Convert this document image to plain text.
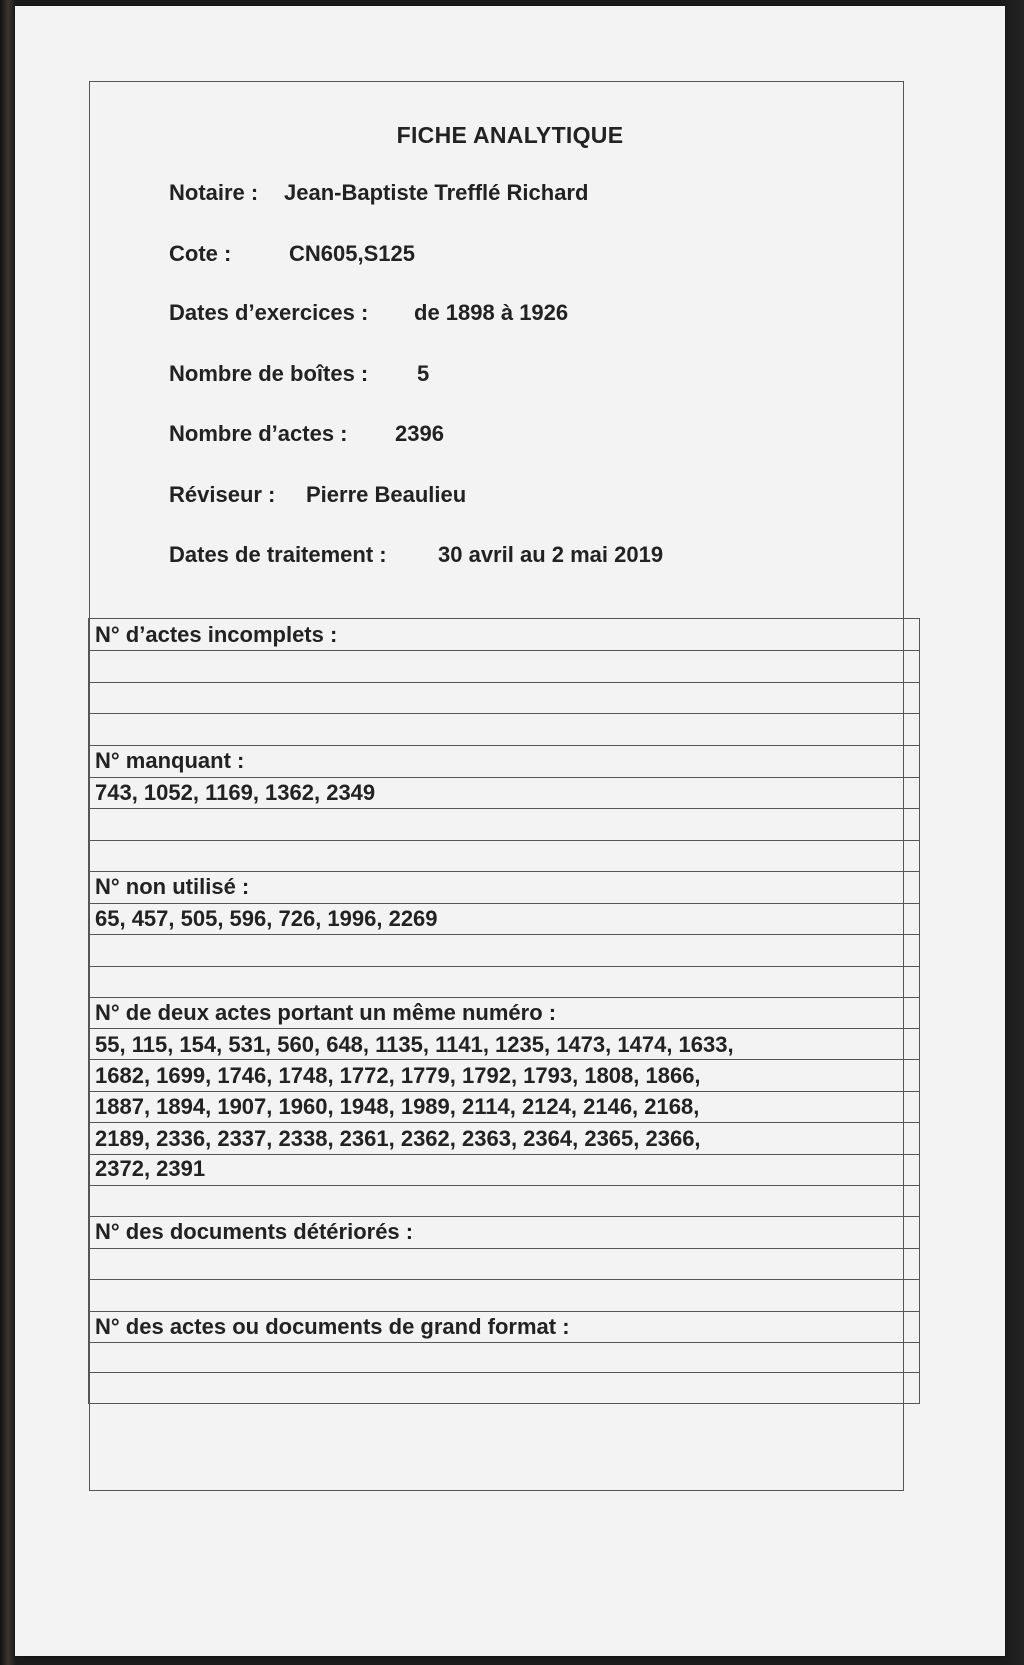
FICHE ANALYTIQUE
Notaire : Jean-Baptiste Trefflé Richard
Cote :	CN605,S125
Dates d’exercices : de 1898 à 1926
Nombre de boîtes : 5
Nombre d’actes : 2396
Réviseur : Pierre Beaulieu
Dates de traitement : 30 avril au 2 mai 2019
N° d’actes incomplets :
N° manquant :
743, 1052, 1169, 1362, 2349
N° non utilisé :
65, 457, 505, 596, 726, 1996, 2269
N° de deux actes portant un même numéro :
55, 115, 154, 531, 560, 648, 1135, 1141, 1235, 1473, 1474, 1633,
1682, 1699, 1746, 1748, 1772, 1779, 1792, 1793, 1808, 1866,
1887, 1894, 1907, 1960, 1948, 1989, 2114, 2124, 2146, 2168,
2189, 2336, 2337, 2338, 2361, 2362, 2363, 2364, 2365, 2366,
2372, 2391
N° des documents détériorés :
N° des actes ou documents de grand format :
